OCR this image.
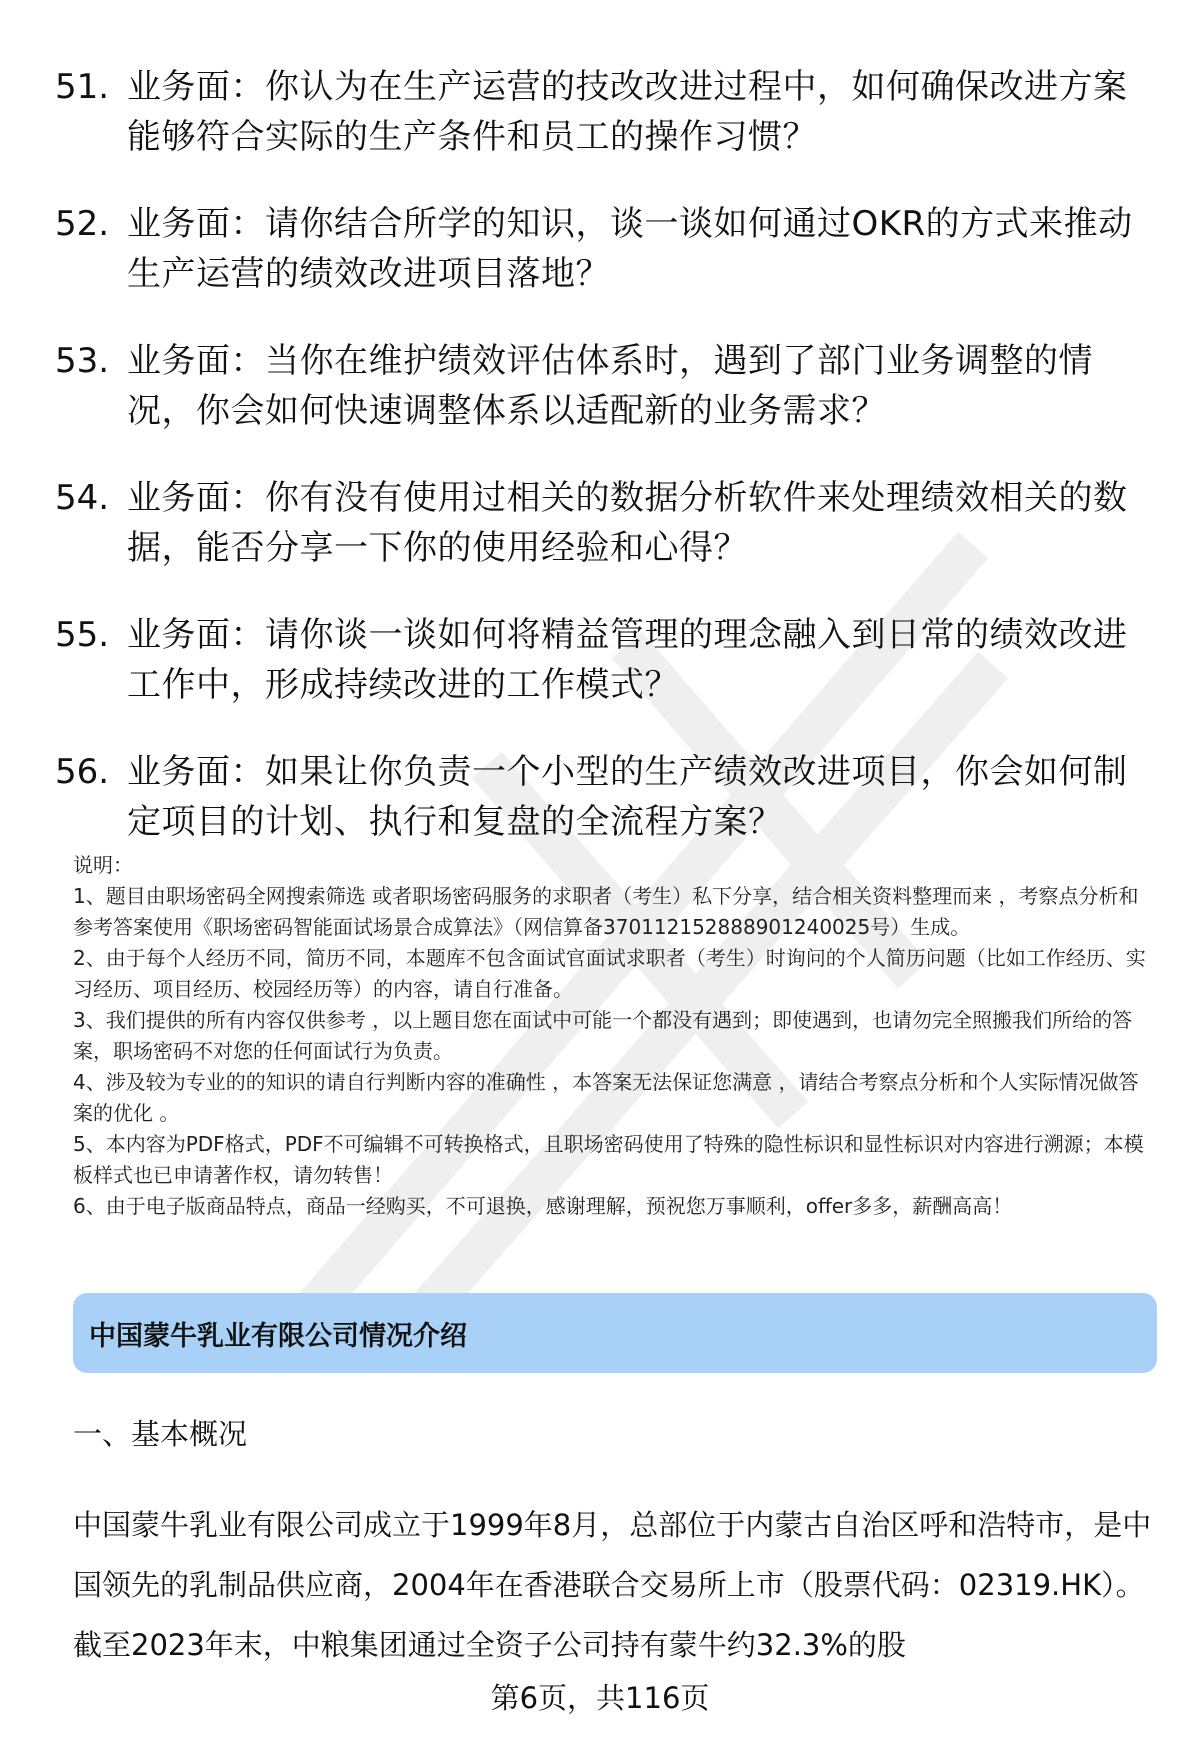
51. 业务面：你认为在生产运营的技改改进过程中，如何确保改进方案能够符合实际的生产条件和员工的操作习惯？
52. 业务面：请你结合所学的知识，谈一谈如何通过OKR的方式来推动生产运营的绩效改进项目落地？
53. 业务面：当你在维护绩效评估体系时，遇到了部门业务调整的情况，你会如何快速调整体系以适配新的业务需求？
54. 业务面：你有没有使用过相关的数据分析软件来处理绩效相关的数据，能否分享一下你的使用经验和心得？
55. 业务面：请你谈一谈如何将精益管理的理念融入到日常的绩效改进工作中，形成持续改进的工作模式？
56. 业务面：如果让你负责一个小型的生产绩效改进项目，你会如何制定项目的计划、执行和复盘的全流程方案？
说明：
1、题目由职场密码全网搜索筛选 或者职场密码服务的求职者（考生）私下分享，结合相关资料整理而来 ，考察点分析和参考答案使用《职场密码智能面试场景合成算法》（网信算备370112152888901240025号）生成。
2、由于每个人经历不同，简历不同，本题库不包含面试官面试求职者（考生）时询问的个人简历问题（比如工作经历、实习经历、项目经历、校园经历等）的内容，请自行准备。
3、我们提供的所有内容仅供参考 ，以上题目您在面试中可能一个都没有遇到；即使遇到，也请勿完全照搬我们所给的答案，职场密码不对您的任何面试行为负责。
4、涉及较为专业的的知识的请自行判断内容的准确性 ，本答案无法保证您满意 ，请结合考察点分析和个人实际情况做答案的优化 。
5、本内容为PDF格式，PDF不可编辑不可转换格式，且职场密码使用了特殊的隐性标识和显性标识对内容进行溯源；本模板样式也已申请著作权，请勿转售！
6、由于电子版商品特点，商品一经购买，不可退换，感谢理解，预祝您万事顺利，offer多多，薪酬高高！
中国蒙牛乳业有限公司情况介绍
一、基本概况
中国蒙牛乳业有限公司成立于1999年8月，总部位于内蒙古自治区呼和浩特市，是中国领先的乳制品供应商，2004年在香港联合交易所上市（股票代码：02319.HK）。截至2023年末，中粮集团通过全资子公司持有蒙牛约32.3%的股
第6页，共116页
